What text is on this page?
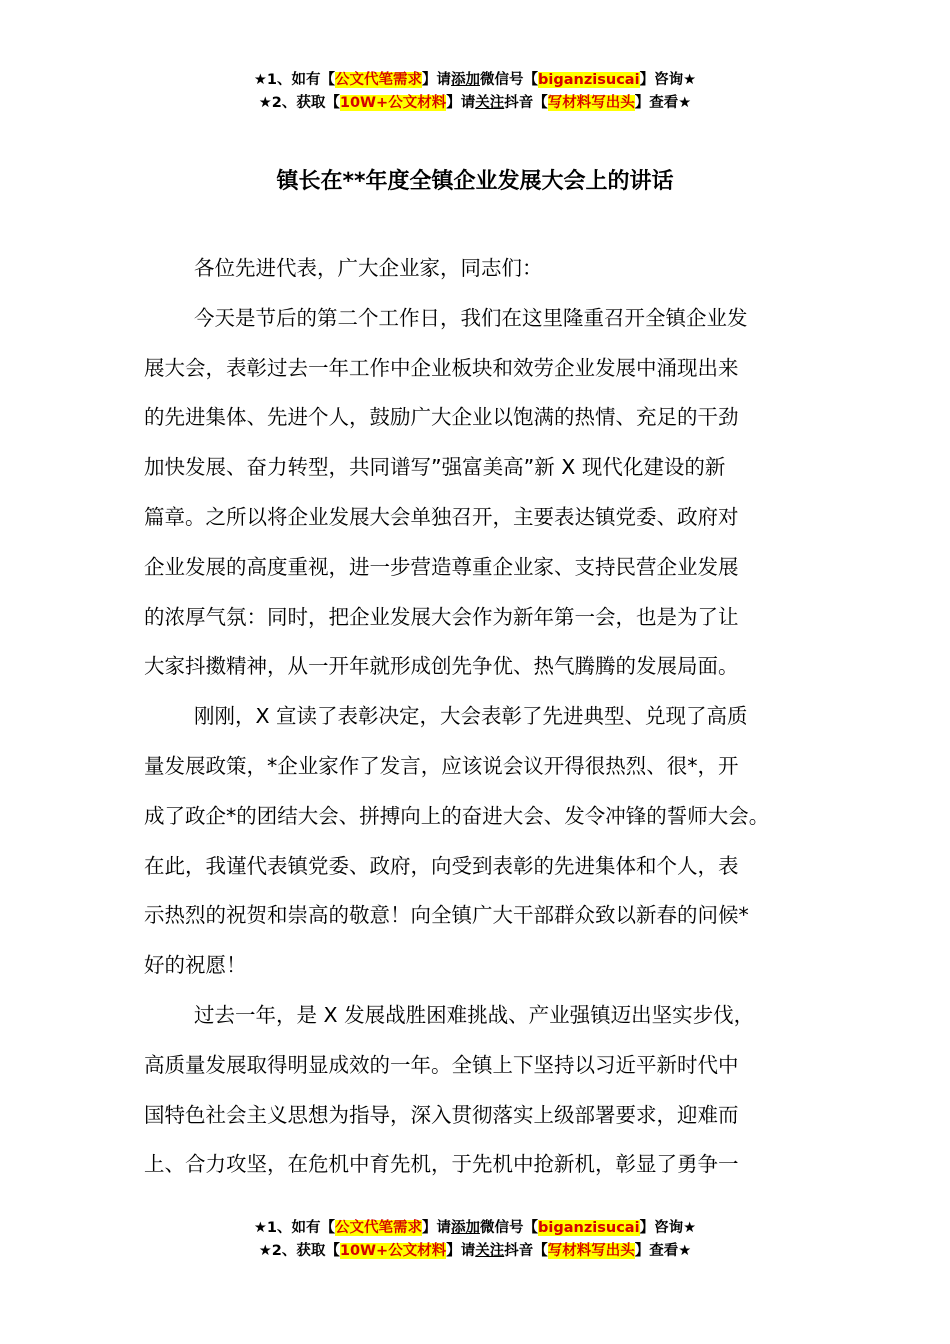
★1、如有【公文代笔需求】请添加微信号【biganzisucai】咨询★
★2、获取【10W+公文材料】请关注抖音【写材料写出头】查看★
镇长在**年度全镇企业发展大会上的讲话
各位先进代表，广大企业家，同志们：
今天是节后的第二个工作日，我们在这里隆重召开全镇企业发
展大会，表彰过去一年工作中企业板块和效劳企业发展中涌现出来
的先进集体、先进个人，鼓励广大企业以饱满的热情、充足的干劲
加快发展、奋力转型，共同谱写”强富美高”新 X 现代化建设的新
篇章。之所以将企业发展大会单独召开，主要表达镇党委、政府对
企业发展的高度重视，进一步营造尊重企业家、支持民营企业发展
的浓厚气氛：同时，把企业发展大会作为新年第一会，也是为了让
大家抖擞精神，从一开年就形成创先争优、热气腾腾的发展局面。
刚刚，X 宣读了表彰决定，大会表彰了先进典型、兑现了高质
量发展政策，*企业家作了发言，应该说会议开得很热烈、很*，开
成了政企*的团结大会、拼搏向上的奋进大会、发令冲锋的誓师大会。
在此，我谨代表镇党委、政府，向受到表彰的先进集体和个人，表
示热烈的祝贺和崇高的敬意！向全镇广大干部群众致以新春的问候*
好的祝愿！
过去一年，是 X 发展战胜困难挑战、产业强镇迈出坚实步伐，
高质量发展取得明显成效的一年。全镇上下坚持以习近平新时代中
国特色社会主义思想为指导，深入贯彻落实上级部署要求，迎难而
上、合力攻坚，在危机中育先机，于先机中抢新机，彰显了勇争一
★1、如有【公文代笔需求】请添加微信号【biganzisucai】咨询★
★2、获取【10W+公文材料】请关注抖音【写材料写出头】查看★
